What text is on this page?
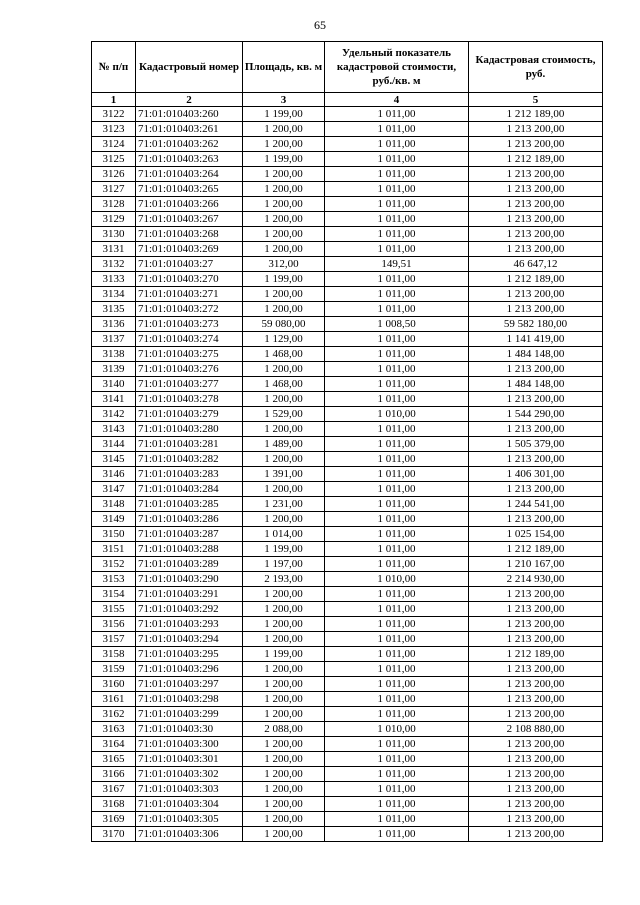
65
№ п/п	Кадастровый номер	Площадь, кв. м	Удельный показатель кадастровой стоимости, руб./кв. м	Кадастровая стоимость, руб.
1	2	3	4	5
3122	71:01:010403:260	1 199,00	1 011,00	1 212 189,00
3123	71:01:010403:261	1 200,00	1 011,00	1 213 200,00
3124	71:01:010403:262	1 200,00	1 011,00	1 213 200,00
3125	71:01:010403:263	1 199,00	1 011,00	1 212 189,00
3126	71:01:010403:264	1 200,00	1 011,00	1 213 200,00
3127	71:01:010403:265	1 200,00	1 011,00	1 213 200,00
3128	71:01:010403:266	1 200,00	1 011,00	1 213 200,00
3129	71:01:010403:267	1 200,00	1 011,00	1 213 200,00
3130	71:01:010403:268	1 200,00	1 011,00	1 213 200,00
3131	71:01:010403:269	1 200,00	1 011,00	1 213 200,00
3132	71:01:010403:27	312,00	149,51	46 647,12
3133	71:01:010403:270	1 199,00	1 011,00	1 212 189,00
3134	71:01:010403:271	1 200,00	1 011,00	1 213 200,00
3135	71:01:010403:272	1 200,00	1 011,00	1 213 200,00
3136	71:01:010403:273	59 080,00	1 008,50	59 582 180,00
3137	71:01:010403:274	1 129,00	1 011,00	1 141 419,00
3138	71:01:010403:275	1 468,00	1 011,00	1 484 148,00
3139	71:01:010403:276	1 200,00	1 011,00	1 213 200,00
3140	71:01:010403:277	1 468,00	1 011,00	1 484 148,00
3141	71:01:010403:278	1 200,00	1 011,00	1 213 200,00
3142	71:01:010403:279	1 529,00	1 010,00	1 544 290,00
3143	71:01:010403:280	1 200,00	1 011,00	1 213 200,00
3144	71:01:010403:281	1 489,00	1 011,00	1 505 379,00
3145	71:01:010403:282	1 200,00	1 011,00	1 213 200,00
3146	71:01:010403:283	1 391,00	1 011,00	1 406 301,00
3147	71:01:010403:284	1 200,00	1 011,00	1 213 200,00
3148	71:01:010403:285	1 231,00	1 011,00	1 244 541,00
3149	71:01:010403:286	1 200,00	1 011,00	1 213 200,00
3150	71:01:010403:287	1 014,00	1 011,00	1 025 154,00
3151	71:01:010403:288	1 199,00	1 011,00	1 212 189,00
3152	71:01:010403:289	1 197,00	1 011,00	1 210 167,00
3153	71:01:010403:290	2 193,00	1 010,00	2 214 930,00
3154	71:01:010403:291	1 200,00	1 011,00	1 213 200,00
3155	71:01:010403:292	1 200,00	1 011,00	1 213 200,00
3156	71:01:010403:293	1 200,00	1 011,00	1 213 200,00
3157	71:01:010403:294	1 200,00	1 011,00	1 213 200,00
3158	71:01:010403:295	1 199,00	1 011,00	1 212 189,00
3159	71:01:010403:296	1 200,00	1 011,00	1 213 200,00
3160	71:01:010403:297	1 200,00	1 011,00	1 213 200,00
3161	71:01:010403:298	1 200,00	1 011,00	1 213 200,00
3162	71:01:010403:299	1 200,00	1 011,00	1 213 200,00
3163	71:01:010403:30	2 088,00	1 010,00	2 108 880,00
3164	71:01:010403:300	1 200,00	1 011,00	1 213 200,00
3165	71:01:010403:301	1 200,00	1 011,00	1 213 200,00
3166	71:01:010403:302	1 200,00	1 011,00	1 213 200,00
3167	71:01:010403:303	1 200,00	1 011,00	1 213 200,00
3168	71:01:010403:304	1 200,00	1 011,00	1 213 200,00
3169	71:01:010403:305	1 200,00	1 011,00	1 213 200,00
3170	71:01:010403:306	1 200,00	1 011,00	1 213 200,00
